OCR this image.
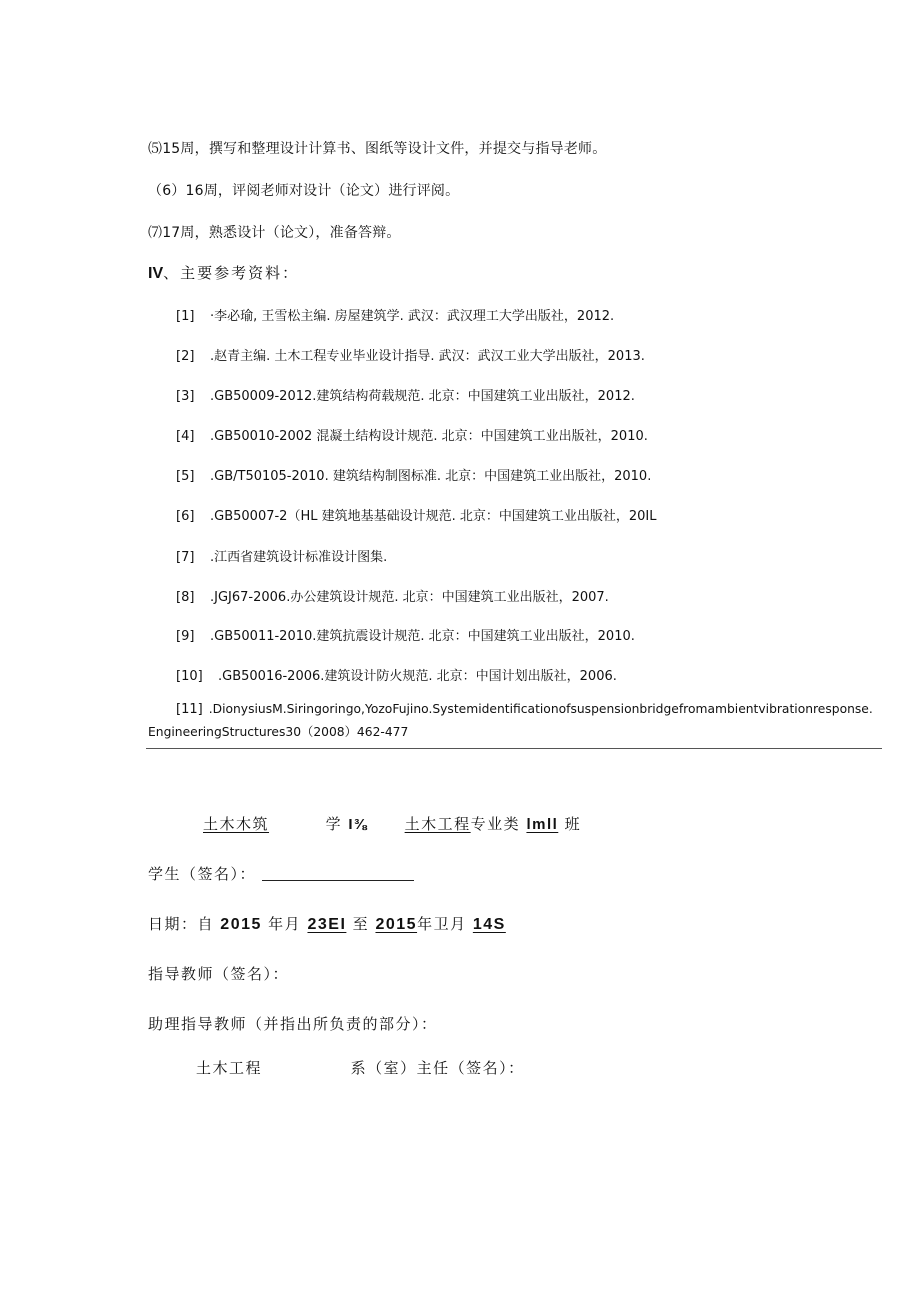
⑸15周，撰写和整理设计计算书、图纸等设计文件，并提交与指导老师。
（6）16周，评阅老师对设计（论文）进行评阅。
⑺17周，熟悉设计（论文），准备答辩。
IV、主要参考资料：
[1] ·李必瑜, 王雪松主编. 房屋建筑学. 武汉：武汉理工大学出版社，2012.
[2] .赵青主编. 土木工程专业毕业设计指导. 武汉：武汉工业大学出版社，2013.
[3] .GB50009-2012.建筑结构荷载规范. 北京：中国建筑工业出版社，2012.
[4] .GB50010-2002 混凝土结构设计规范. 北京：中国建筑工业出版社，2010.
[5] .GB/T50105-2010. 建筑结构制图标准. 北京：中国建筑工业出版社，2010.
[6] .GB50007-2（HL 建筑地基基础设计规范. 北京：中国建筑工业出版社，20IL
[7] .江西省建筑设计标准设计图集.
[8] .JGJ67-2006.办公建筑设计规范. 北京：中国建筑工业出版社，2007.
[9] .GB50011-2010.建筑抗震设计规范. 北京：中国建筑工业出版社，2010.
[10] .GB50016-2006.建筑设计防火规范. 北京：中国计划出版社，2006.
[11] .DionysiusM.Siringoringo,YozoFujino.Systemidentificationofsuspensionbridgefromambientvibrationresponse. EngineeringStructures30（2008）462-477
土木木筑	学 I⅜ 土木工程专业类 lmll 班
学生（签名）：
日期：自 2015 年月 23EI 至 2015年卫月 14S
指导教师（签名）：
助理指导教师（并指出所负责的部分）：
土木工程	系（室）主任（签名）：
